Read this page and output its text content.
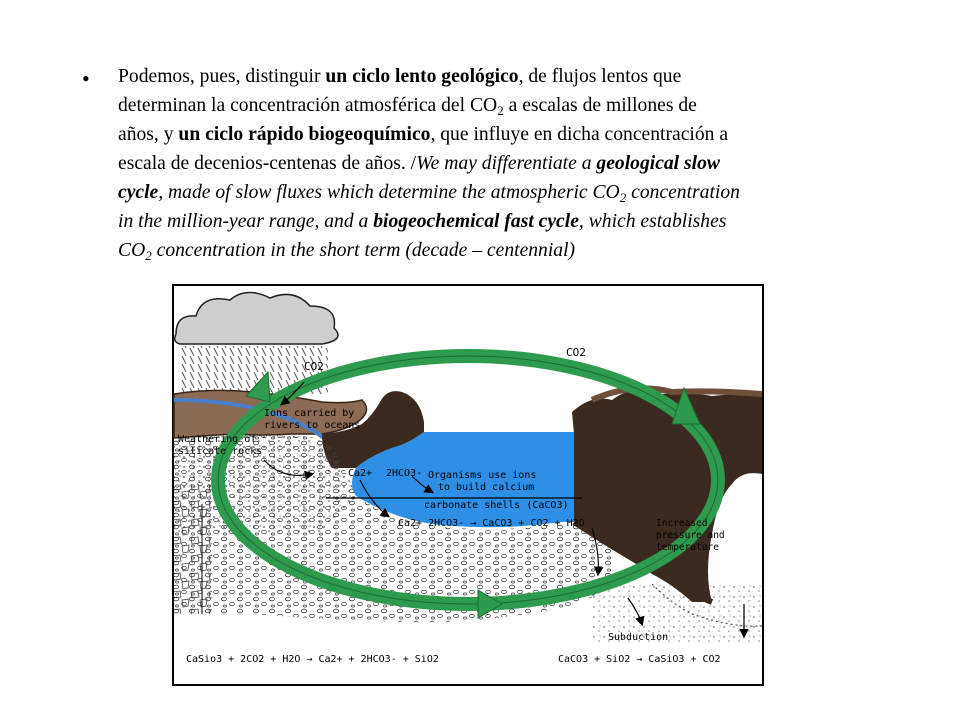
• Podemos, pues, distinguir un ciclo lento geológico, de flujos lentos que
determinan la concentración atmosférica del $CO_2$ a escalas de millones de
años, y un ciclo rápido biogeoquímico, que influye en dicha concentración a
escala de decenios-centenas de años. /We may differentiate a geological slow
cycle, made of slow fluxes which determine the atmospheric $CO_2$ concentration
in the million-year range, and a biogeochemical fast cycle, which establishes
$CO_2$ concentration in the short term (decade – centennial)
CO2
CO2
CO2
Ions carried by
rivers to oceans
Weathering of
silicate rocks
Ca2+ 2HCO3- Organisms use ions
to build calcium
carbonate shells (CaCO3)
Ca2+ 2HCO3- → CaCO3 + CO2 + H2O	Increased
pressure and
temperature
Subduction
CaSio3 + 2CO2 + H2O → Ca2+ + 2HCO3- + SiO2	CaCO3 + SiO2 → CaSiO3 + CO2
